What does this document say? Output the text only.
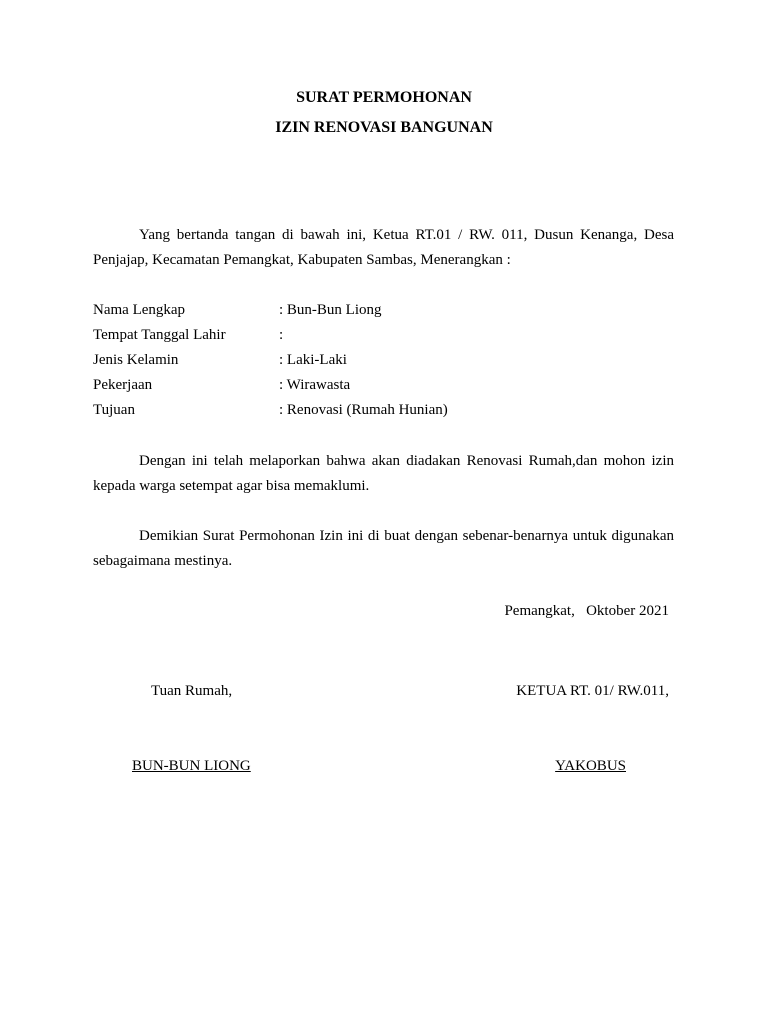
SURAT PERMOHONAN
IZIN RENOVASI BANGUNAN

Yang bertanda tangan di bawah ini, Ketua RT.01 / RW. 011, Dusun Kenanga, Desa Penjajap, Kecamatan Pemangkat, Kabupaten Sambas, Menerangkan :

Nama Lengkap	: Bun-Bun Liong
Tempat Tanggal Lahir	:
Jenis Kelamin	: Laki-Laki
Pekerjaan	: Wirawasta
Tujuan	: Renovasi (Rumah Hunian)

Dengan ini telah melaporkan bahwa akan diadakan Renovasi Rumah,dan mohon izin kepada warga setempat agar bisa memaklumi.

Demikian Surat Permohonan Izin ini di buat dengan sebenar-benarnya untuk digunakan sebagaimana mestinya.

Pemangkat,   Oktober 2021
Tuan Rumah,	KETUA RT. 01/ RW.011,
BUN-BUN LIONG	YAKOBUS
